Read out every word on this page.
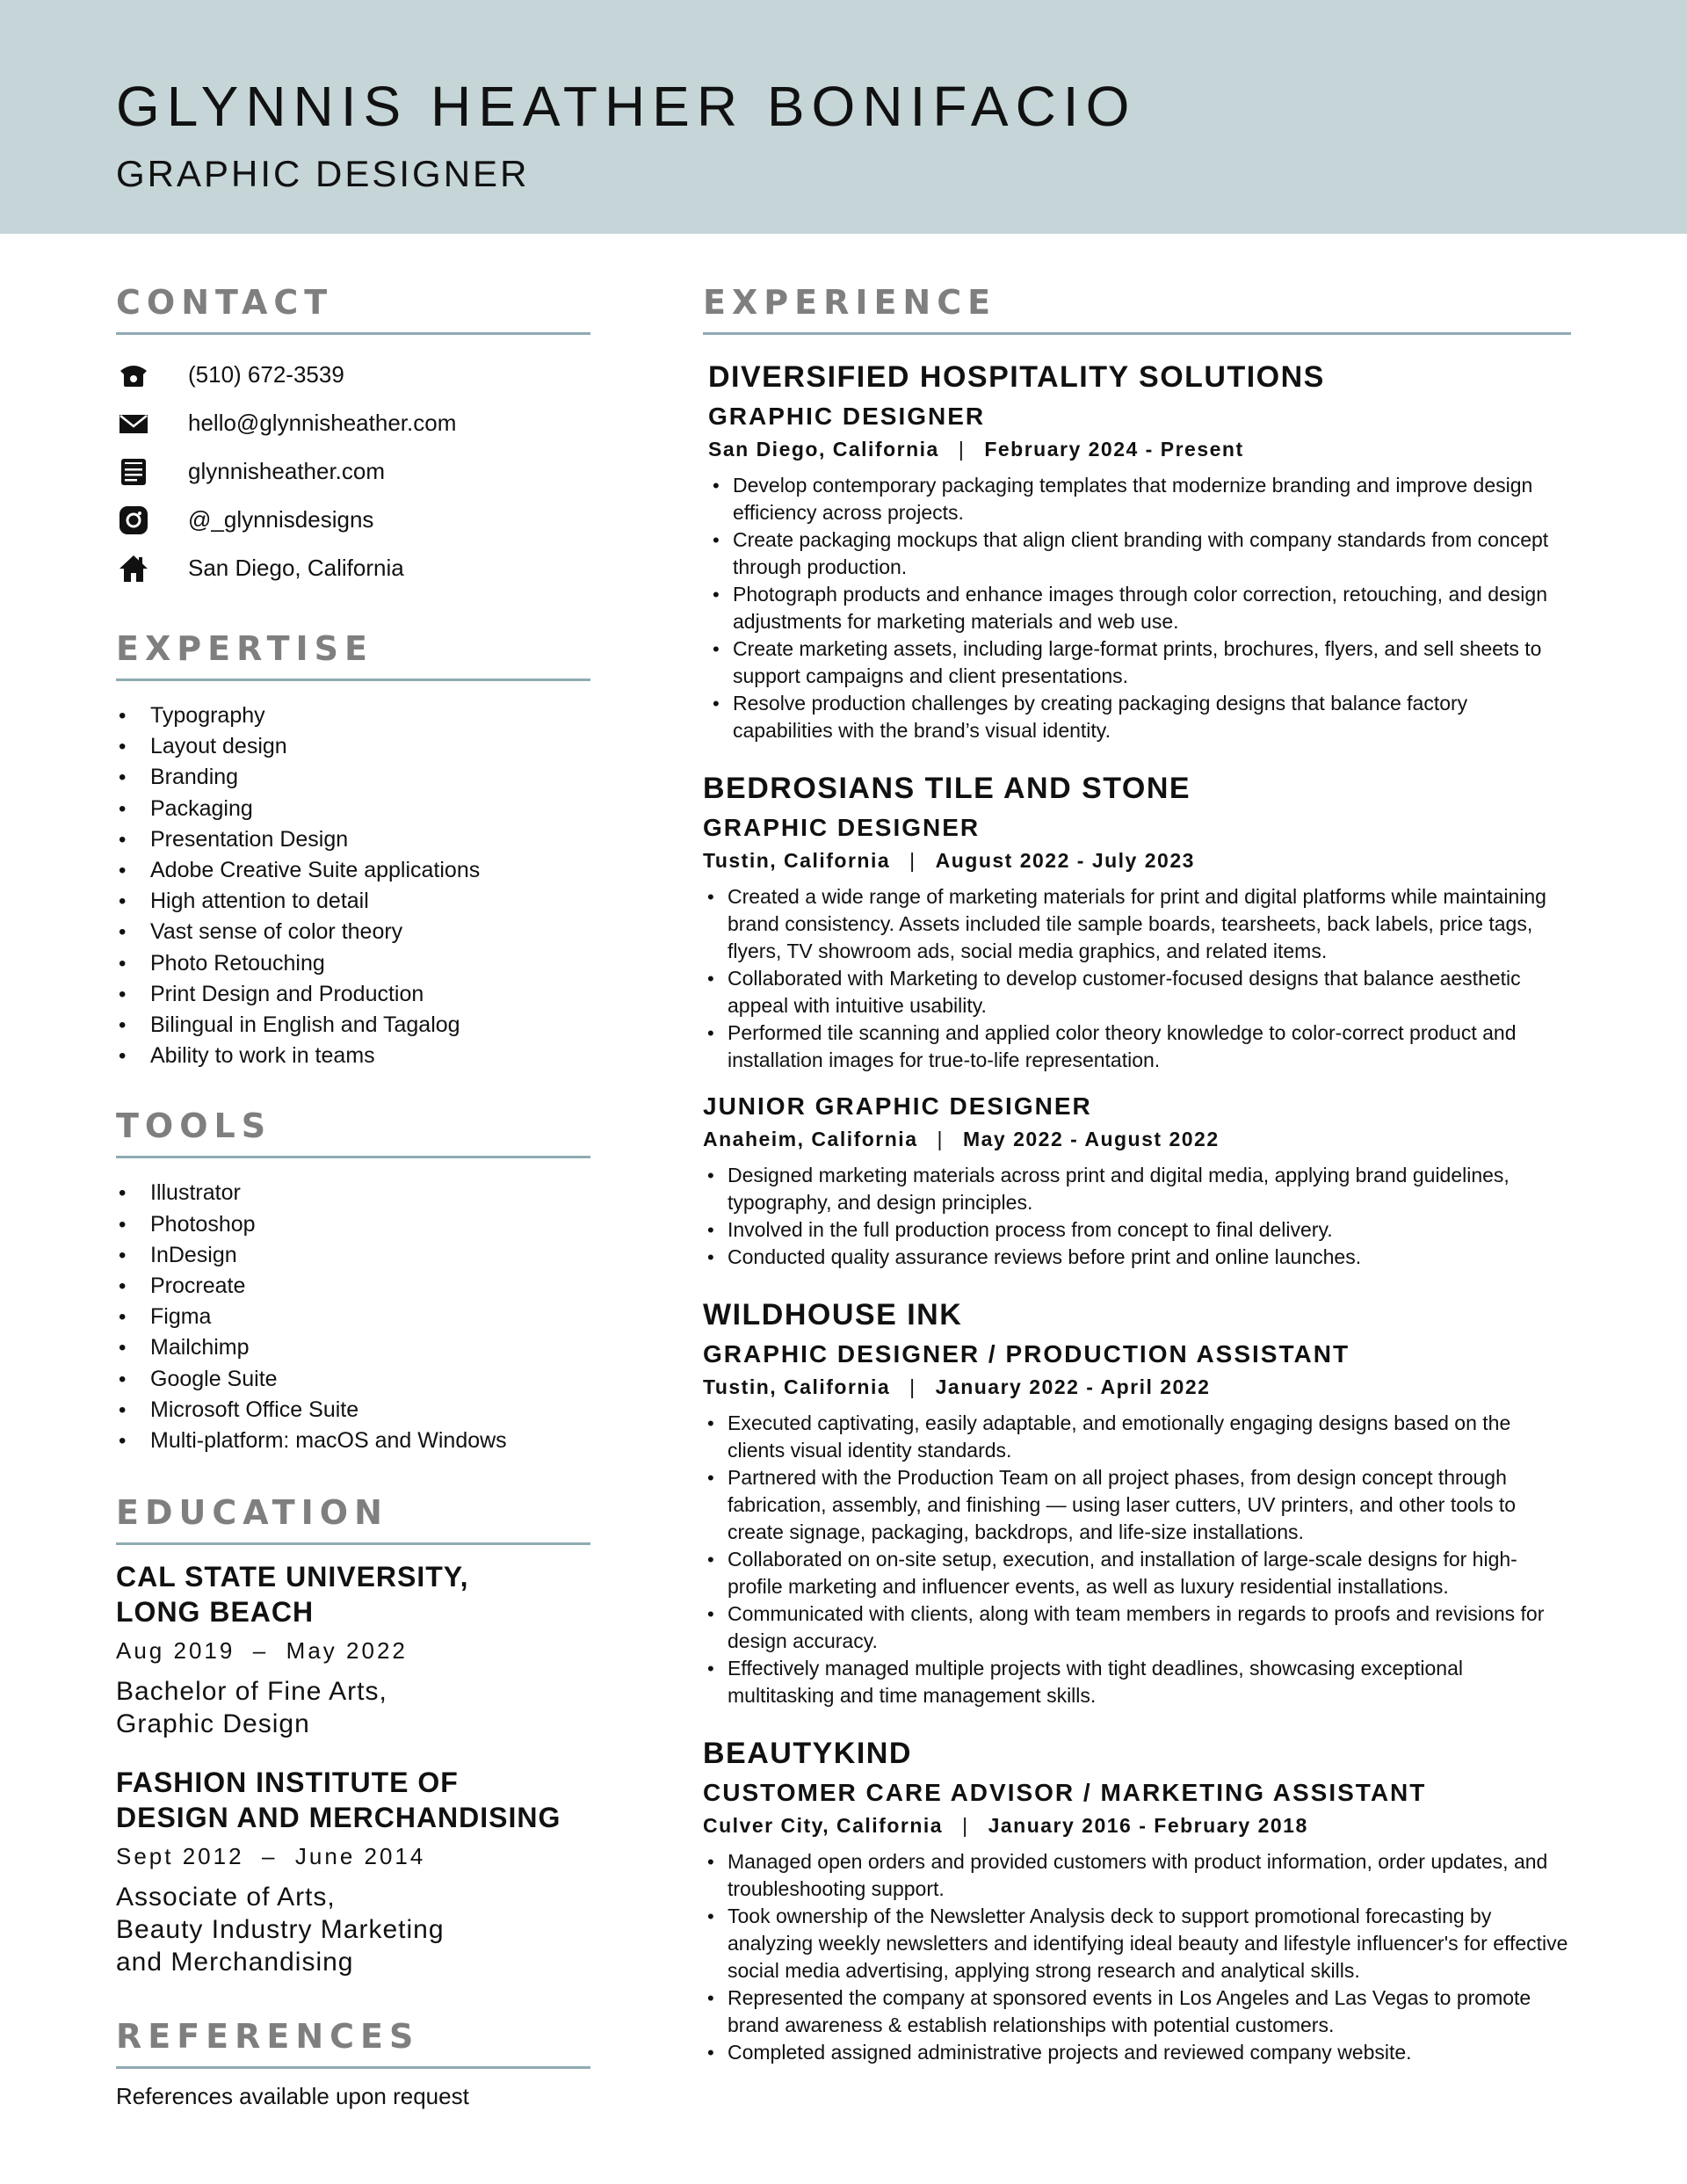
GLYNNIS HEATHER BONIFACIO
GRAPHIC DESIGNER
CONTACT
(510) 672-3539
hello@glynnisheather.com
glynnisheather.com
@_glynnisdesigns
San Diego, California
EXPERTISE
• Typography
• Layout design
• Branding
• Packaging
• Presentation Design
• Adobe Creative Suite applications
• High attention to detail
• Vast sense of color theory
• Photo Retouching
• Print Design and Production
• Bilingual in English and Tagalog
• Ability to work in teams
TOOLS
• Illustrator
• Photoshop
• InDesign
• Procreate
• Figma
• Mailchimp
• Google Suite
• Microsoft Office Suite
• Multi-platform: macOS and Windows
EDUCATION
CAL STATE UNIVERSITY,
LONG BEACH
Aug 2019  –  May 2022
Bachelor of Fine Arts,
Graphic Design
FASHION INSTITUTE OF
DESIGN AND MERCHANDISING
Sept 2012  –  June 2014
Associate of Arts,
Beauty Industry Marketing
and Merchandising
REFERENCES
References available upon request
EXPERIENCE
DIVERSIFIED HOSPITALITY SOLUTIONS
GRAPHIC DESIGNER
San Diego, California | February 2024 - Present
• Develop contemporary packaging templates that modernize branding and improve design efficiency across projects.
• Create packaging mockups that align client branding with company standards from concept through production.
• Photograph products and enhance images through color correction, retouching, and design adjustments for marketing materials and web use.
• Create marketing assets, including large-format prints, brochures, flyers, and sell sheets to support campaigns and client presentations.
• Resolve production challenges by creating packaging designs that balance factory capabilities with the brand’s visual identity.
BEDROSIANS TILE AND STONE
GRAPHIC DESIGNER
Tustin, California | August 2022 - July 2023
• Created a wide range of marketing materials for print and digital platforms while maintaining brand consistency. Assets included tile sample boards, tearsheets, back labels, price tags, flyers, TV showroom ads, social media graphics, and related items.
• Collaborated with Marketing to develop customer-focused designs that balance aesthetic appeal with intuitive usability.
• Performed tile scanning and applied color theory knowledge to color-correct product and installation images for true-to-life representation.
JUNIOR GRAPHIC DESIGNER
Anaheim, California | May 2022 - August 2022
• Designed marketing materials across print and digital media, applying brand guidelines, typography, and design principles.
• Involved in the full production process from concept to final delivery.
• Conducted quality assurance reviews before print and online launches.
WILDHOUSE INK
GRAPHIC DESIGNER / PRODUCTION ASSISTANT
Tustin, California | January 2022 - April 2022
• Executed captivating, easily adaptable, and emotionally engaging designs based on the clients visual identity standards.
• Partnered with the Production Team on all project phases, from design concept through fabrication, assembly, and finishing — using laser cutters, UV printers, and other tools to create signage, packaging, backdrops, and life-size installations.
• Collaborated on on-site setup, execution, and installation of large-scale designs for high-profile marketing and influencer events, as well as luxury residential installations.
• Communicated with clients, along with team members in regards to proofs and revisions for design accuracy.
• Effectively managed multiple projects with tight deadlines, showcasing exceptional multitasking and time management skills.
BEAUTYKIND
CUSTOMER CARE ADVISOR / MARKETING ASSISTANT
Culver City, California | January 2016 - February 2018
• Managed open orders and provided customers with product information, order updates, and troubleshooting support.
• Took ownership of the Newsletter Analysis deck to support promotional forecasting by analyzing weekly newsletters and identifying ideal beauty and lifestyle influencer's for effective social media advertising, applying strong research and analytical skills.
• Represented the company at sponsored events in Los Angeles and Las Vegas to promote brand awareness & establish relationships with potential customers.
• Completed assigned administrative projects and reviewed company website.
